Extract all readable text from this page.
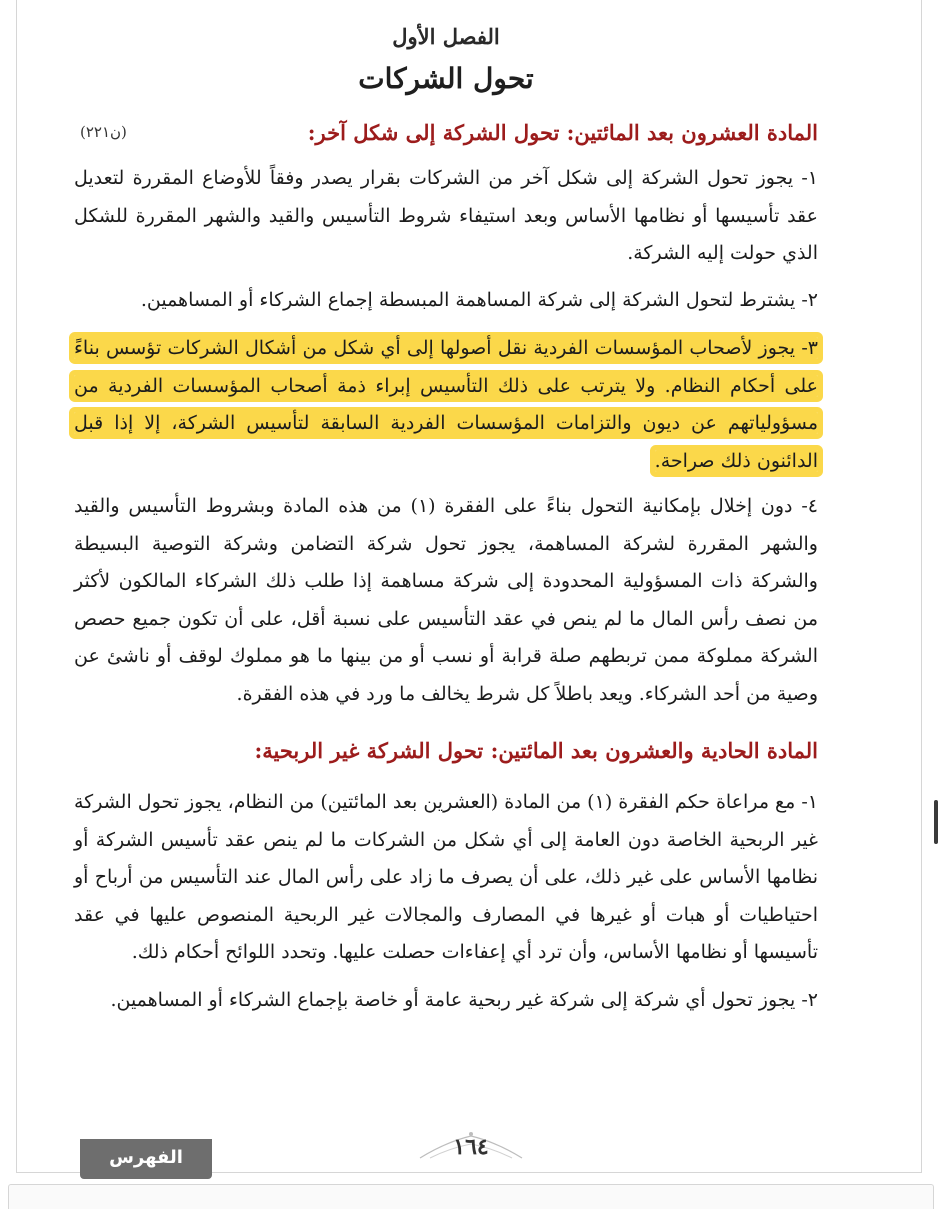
الفصل الأول
تحول الشركات
المادة العشرون بعد المائتين: تحول الشركة إلى شكل آخر:
(ن٢٢١)
١- يجوز تحول الشركة إلى شكل آخر من الشركات بقرار يصدر وفقاً للأوضاع المقررة لتعديل عقد تأسيسها أو نظامها الأساس وبعد استيفاء شروط التأسيس والقيد والشهر المقررة للشكل الذي حولت إليه الشركة.
٢- يشترط لتحول الشركة إلى شركة المساهمة المبسطة إجماع الشركاء أو المساهمين.
٣- يجوز لأصحاب المؤسسات الفردية نقل أصولها إلى أي شكل من أشكال الشركات تؤسس بناءً على أحكام النظام. ولا يترتب على ذلك التأسيس إبراء ذمة أصحاب المؤسسات الفردية من مسؤولياتهم عن ديون والتزامات المؤسسات الفردية السابقة لتأسيس الشركة، إلا إذا قبل الدائنون ذلك صراحة.
٤- دون إخلال بإمكانية التحول بناءً على الفقرة (١) من هذه المادة وبشروط التأسيس والقيد والشهر المقررة لشركة المساهمة، يجوز تحول شركة التضامن وشركة التوصية البسيطة والشركة ذات المسؤولية المحدودة إلى شركة مساهمة إذا طلب ذلك الشركاء المالكون لأكثر من نصف رأس المال ما لم ينص في عقد التأسيس على نسبة أقل، على أن تكون جميع حصص الشركة مملوكة ممن تربطهم صلة قرابة أو نسب أو من بينها ما هو مملوك لوقف أو ناشئ عن وصية من أحد الشركاء. ويعد باطلاً كل شرط يخالف ما ورد في هذه الفقرة.
المادة الحادية والعشرون بعد المائتين: تحول الشركة غير الربحية:
١- مع مراعاة حكم الفقرة (١) من المادة (العشرين بعد المائتين) من النظام، يجوز تحول الشركة غير الربحية الخاصة دون العامة إلى أي شكل من الشركات ما لم ينص عقد تأسيس الشركة أو نظامها الأساس على غير ذلك، على أن يصرف ما زاد على رأس المال عند التأسيس من أرباح أو احتياطيات أو هبات أو غيرها في المصارف والمجالات غير الربحية المنصوص عليها في عقد تأسيسها أو نظامها الأساس، وأن ترد أي إعفاءات حصلت عليها. وتحدد اللوائح أحكام ذلك.
٢- يجوز تحول أي شركة إلى شركة غير ربحية عامة أو خاصة بإجماع الشركاء أو المساهمين.
١٦٤
الفهرس
